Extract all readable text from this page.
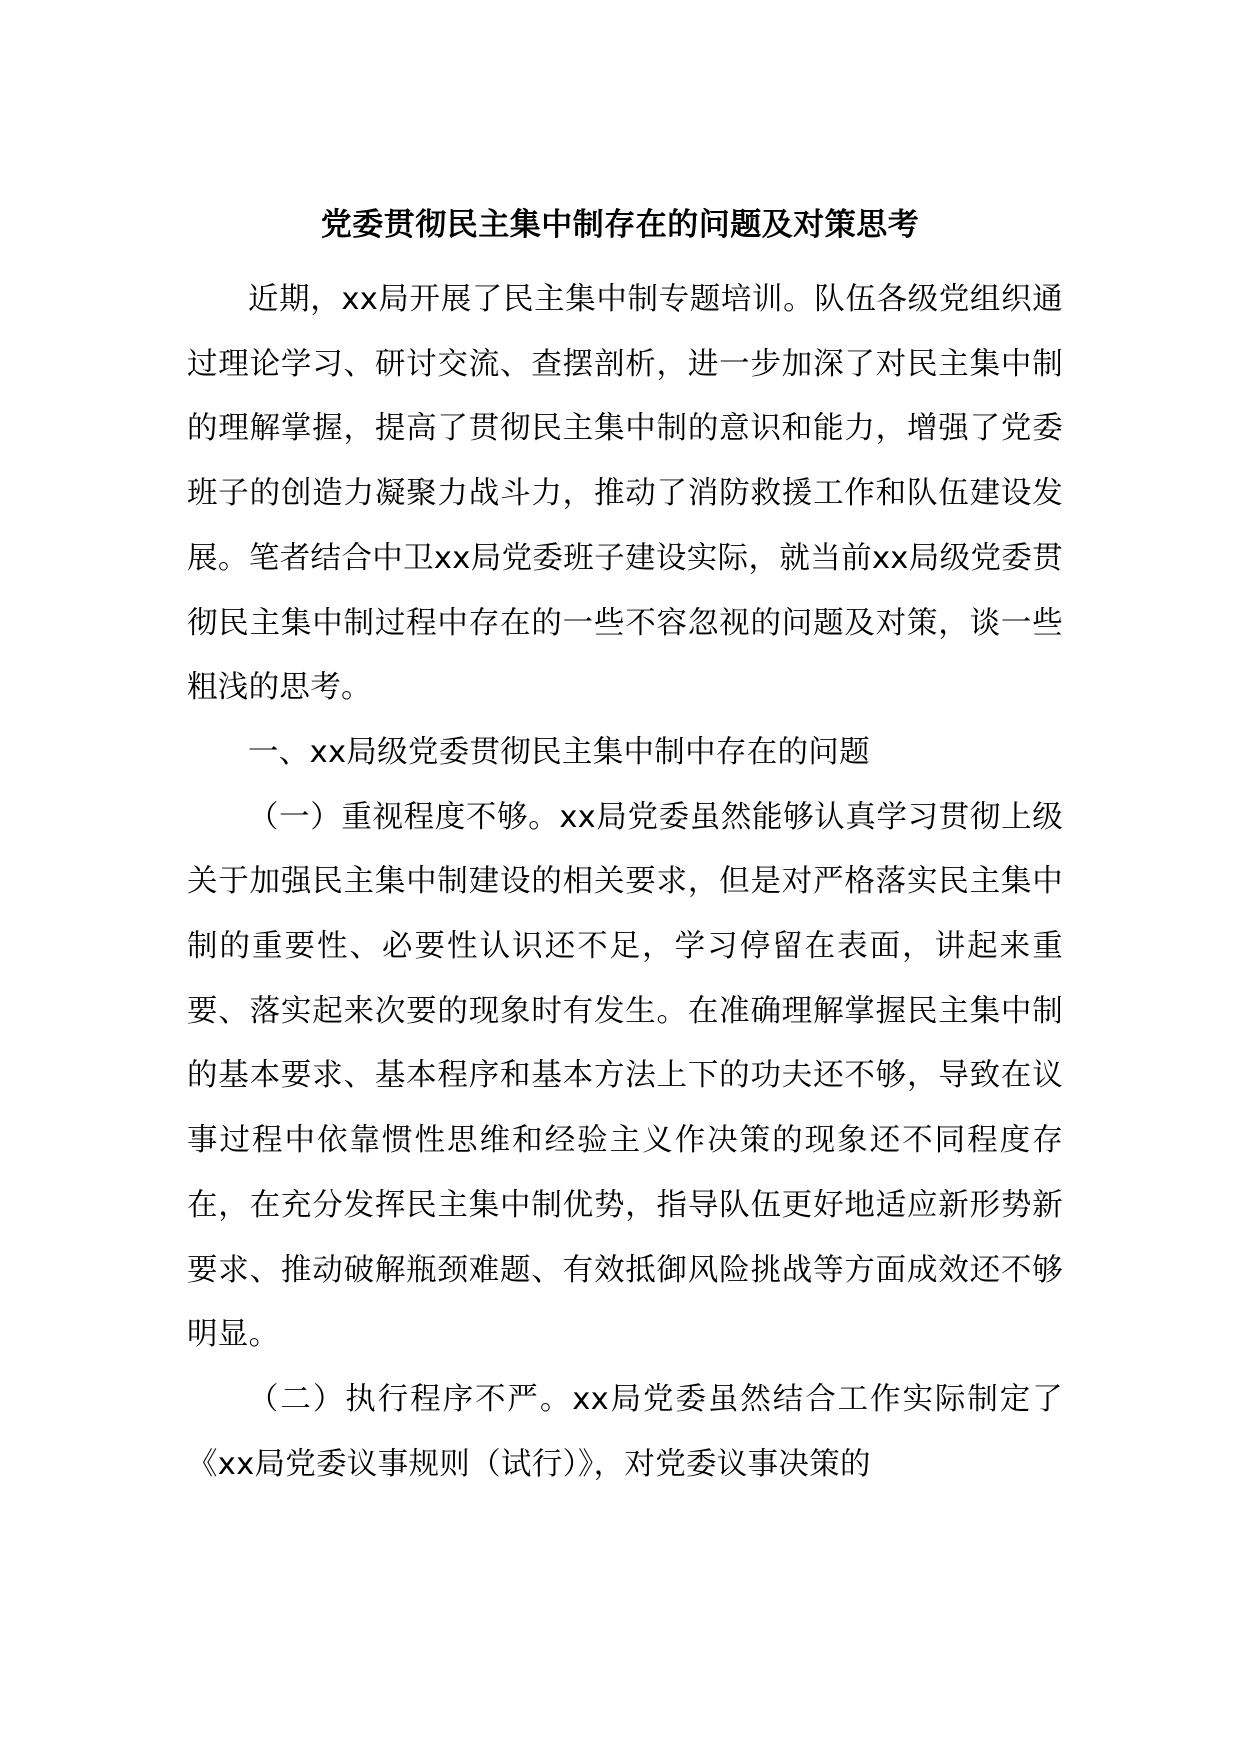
党委贯彻民主集中制存在的问题及对策思考

近期，xx局开展了民主集中制专题培训。队伍各级党组织通过理论学习、研讨交流、查摆剖析，进一步加深了对民主集中制的理解掌握，提高了贯彻民主集中制的意识和能力，增强了党委班子的创造力凝聚力战斗力，推动了消防救援工作和队伍建设发展。笔者结合中卫xx局党委班子建设实际，就当前xx局级党委贯彻民主集中制过程中存在的一些不容忽视的问题及对策，谈一些粗浅的思考。

一、xx局级党委贯彻民主集中制中存在的问题

（一）重视程度不够。xx局党委虽然能够认真学习贯彻上级关于加强民主集中制建设的相关要求，但是对严格落实民主集中制的重要性、必要性认识还不足，学习停留在表面，讲起来重要、落实起来次要的现象时有发生。在准确理解掌握民主集中制的基本要求、基本程序和基本方法上下的功夫还不够，导致在议事过程中依靠惯性思维和经验主义作决策的现象还不同程度存在，在充分发挥民主集中制优势，指导队伍更好地适应新形势新要求、推动破解瓶颈难题、有效抵御风险挑战等方面成效还不够明显。

（二）执行程序不严。xx局党委虽然结合工作实际制定了《xx局党委议事规则（试行）》，对党委议事决策的
